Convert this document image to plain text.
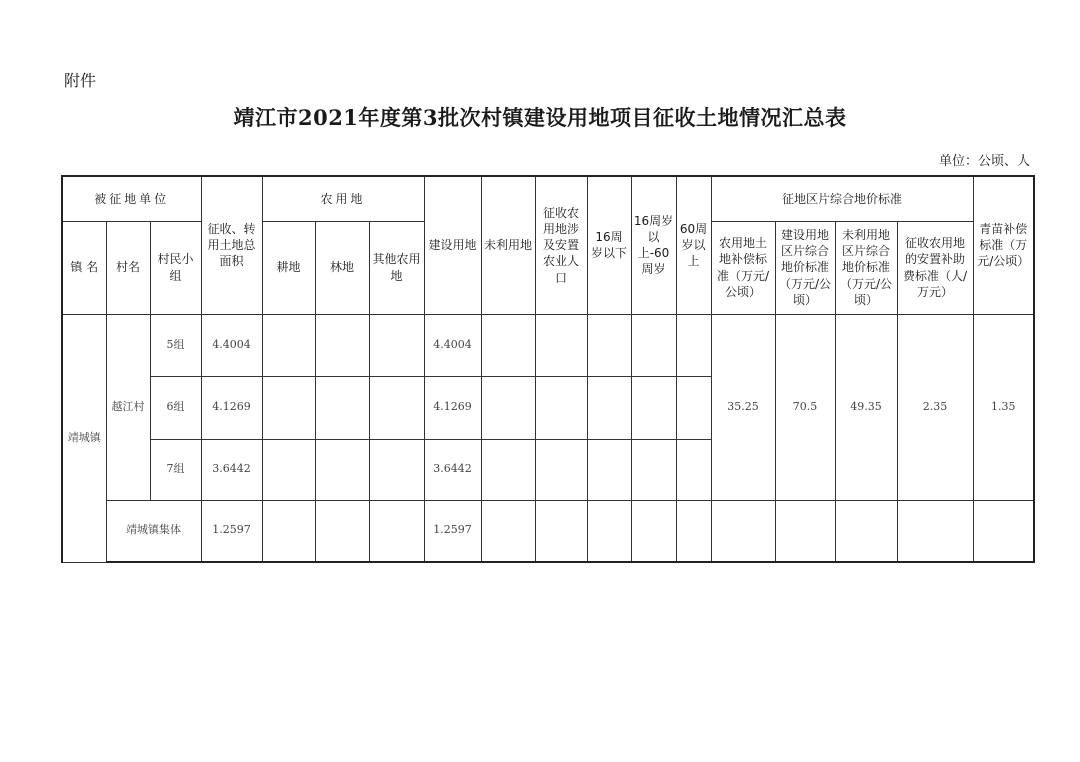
附件
靖江市2021年度第3批次村镇建设用地项目征收土地情况汇总表
单位：公顷、人
被征地单位			征收、转用土地总面积	农用地			建设用地	未利用地	征收农用地涉及安置农业人口	16周岁以下	16周岁以上-60周岁	60周岁以上	征地区片综合地价标准				青苗补偿标准（万元/公顷）
镇 名	村名	村民小组		耕地	林地	其他农用地							农用地土地补偿标准（万元/公顷）	建设用地区片综合地价标准（万元/公顷）	未利用地区片综合地价标准（万元/公顷）	征收农用地的安置补助费标准（人/万元）	
靖城镇	越江村	5组	4.4004				4.4004						35.25	70.5	49.35	2.35	1.35
		6组	4.1269				4.1269										
		7组	3.6442				3.6442										
	靖城镇集体		1.2597				1.2597										
